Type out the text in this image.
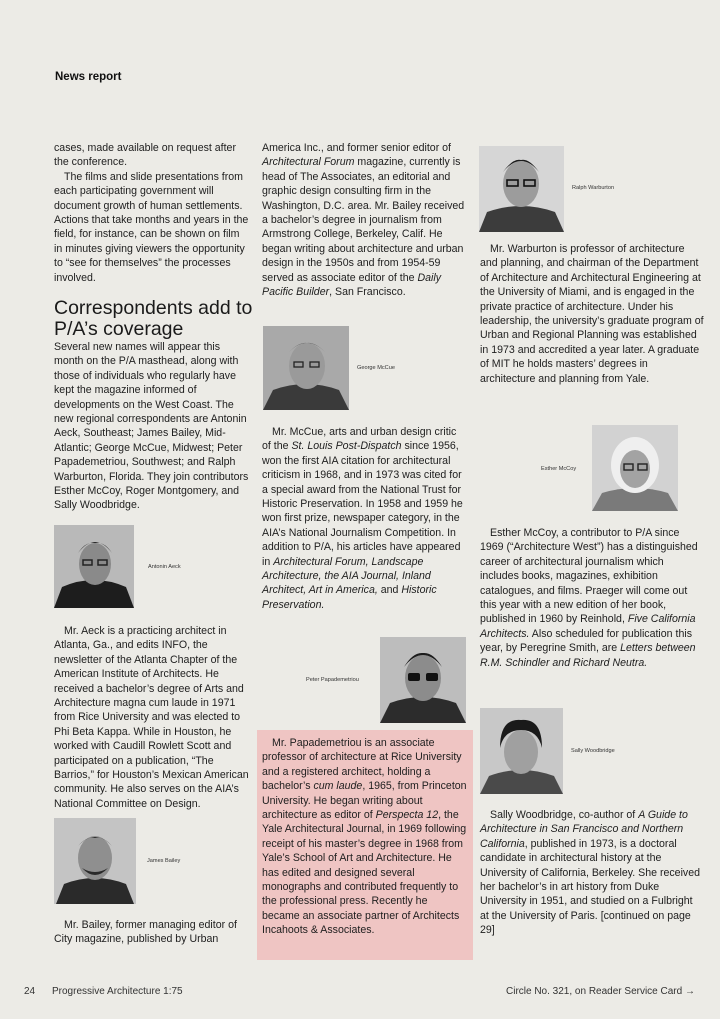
News report

cases, made available on request after the conference.

The films and slide presentations from each participating government will document growth of human settlements. Actions that take months and years in the field, for instance, can be shown on film in minutes giving viewers the opportunity to “see for themselves” the processes involved.

Correspondents add to P/A’s coverage

Several new names will appear this month on the P/A masthead, along with those of individuals who regularly have kept the magazine informed of developments on the West Coast. The new regional correspondents are Antonin Aeck, Southeast; James Bailey, Mid-Atlantic; George McCue, Midwest; Peter Papademetriou, Southwest; and Ralph Warburton, Florida. They join contributors Esther McCoy, Roger Montgomery, and Sally Woodbridge.

Antonin Aeck

Mr. Aeck is a practicing architect in Atlanta, Ga., and edits INFO, the newsletter of the Atlanta Chapter of the American Institute of Architects. He received a bachelor’s degree of Arts and Architecture magna cum laude in 1971 from Rice University and was elected to Phi Beta Kappa. While in Houston, he worked with Caudill Rowlett Scott and participated on a publication, “The Barrios,” for Houston’s Mexican American community. He also serves on the AIA’s National Committee on Design.

James Bailey

Mr. Bailey, former managing editor of City magazine, published by Urban

America Inc., and former senior editor of Architectural Forum magazine, currently is head of The Associates, an editorial and graphic design consulting firm in the Washington, D.C. area. Mr. Bailey received a bachelor’s degree in journalism from Armstrong College, Berkeley, Calif. He began writing about architecture and urban design in the 1950s and from 1954-59 served as associate editor of the Daily Pacific Builder, San Francisco.

George McCue

Mr. McCue, arts and urban design critic of the St. Louis Post-Dispatch since 1956, won the first AIA citation for architectural criticism in 1968, and in 1973 was cited for a special award from the National Trust for Historic Preservation. In 1958 and 1959 he won first prize, newspaper category, in the AIA’s National Journalism Competition. In addition to P/A, his articles have appeared in Architectural Forum, Landscape Architecture, the AIA Journal, Inland Architect, Art in America, and Historic Preservation.

Peter Papademetriou

Mr. Papademetriou is an associate professor of architecture at Rice University and a registered architect, holding a bachelor’s cum laude, 1965, from Princeton University. He began writing about architecture as editor of Perspecta 12, the Yale Architectural Journal, in 1969 following receipt of his master’s degree in 1968 from Yale’s School of Art and Architecture. He has edited and designed several monographs and contributed frequently to the professional press. Recently he became an associate partner of Architects Incahoots & Associates.

Ralph Warburton

Mr. Warburton is professor of architecture and planning, and chairman of the Department of Architecture and Architectural Engineering at the University of Miami, and is engaged in the private practice of architecture. Under his leadership, the university’s graduate program of Urban and Regional Planning was established in 1973 and accredited a year later. A graduate of MIT he holds masters’ degrees in architecture and planning from Yale.

Esther McCoy

Esther McCoy, a contributor to P/A since 1969 (“Architecture West”) has a distinguished career of architectural journalism which includes books, magazines, exhibition catalogues, and films. Praeger will come out this year with a new edition of her book, published in 1960 by Reinhold, Five California Architects. Also scheduled for publication this year, by Peregrine Smith, are Letters between R.M. Schindler and Richard Neutra.

Sally Woodbridge

Sally Woodbridge, co-author of A Guide to Architecture in San Francisco and Northern California, published in 1973, is a doctoral candidate in architectural history at the University of California, Berkeley. She received her bachelor’s in art history from Duke University in 1951, and studied on a Fulbright at the University of Paris. [continued on page 29]

24 Progressive Architecture 1:75	Circle No. 321, on Reader Service Card →
